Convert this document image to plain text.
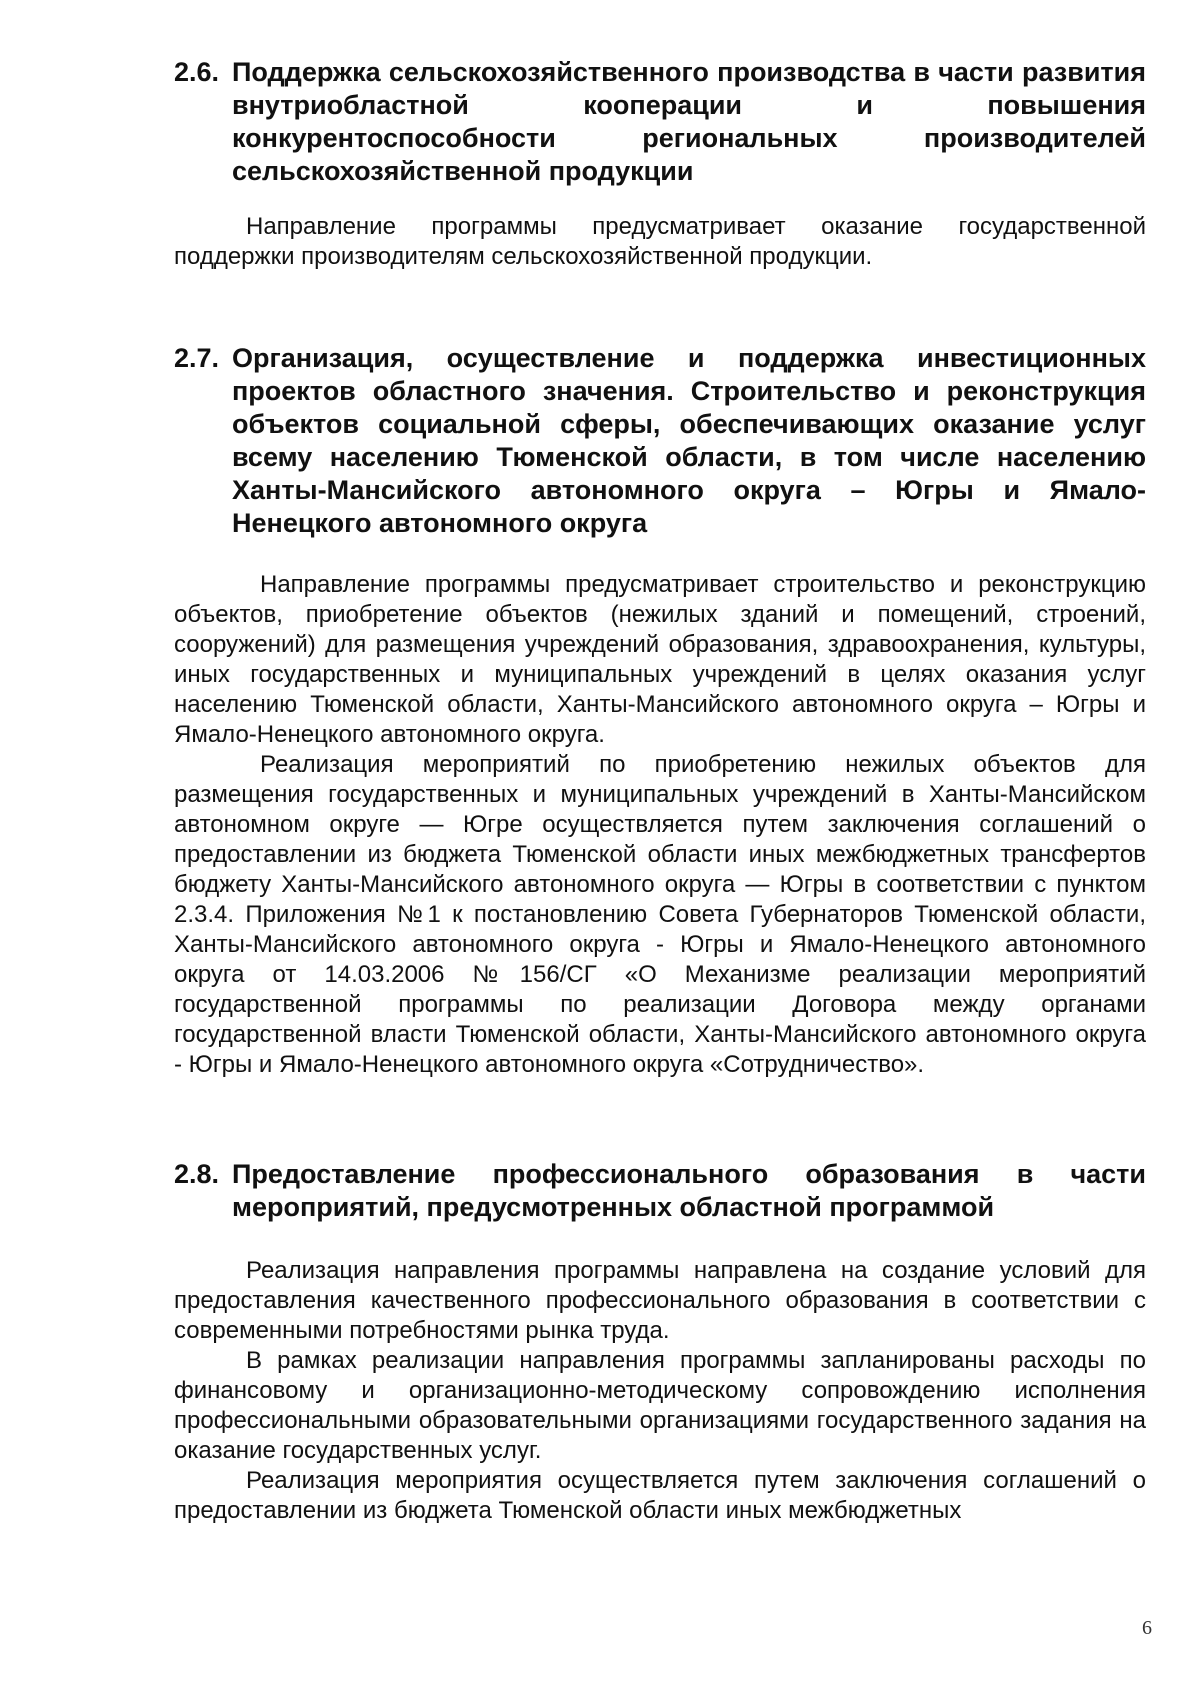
2.6. Поддержка сельскохозяйственного производства в части развития внутриобластной кооперации и повышения конкурентоспособности региональных производителей сельскохозяйственной продукции

Направление программы предусматривает оказание государственной поддержки производителям сельскохозяйственной продукции.

2.7. Организация, осуществление и поддержка инвестиционных проектов областного значения. Строительство и реконструкция объектов социальной сферы, обеспечивающих оказание услуг всему населению Тюменской области, в том числе населению Ханты-Мансийского автономного округа – Югры и Ямало-Ненецкого автономного округа

Направление программы предусматривает строительство и реконструкцию объектов, приобретение объектов (нежилых зданий и помещений, строений, сооружений) для размещения учреждений образования, здравоохранения, культуры, иных государственных и муниципальных учреждений в целях оказания услуг населению Тюменской области, Ханты-Мансийского автономного округа – Югры и Ямало-Ненецкого автономного округа.

Реализация мероприятий по приобретению нежилых объектов для размещения государственных и муниципальных учреждений в Ханты-Мансийском автономном округе — Югре осуществляется путем заключения соглашений о предоставлении из бюджета Тюменской области иных межбюджетных трансфертов бюджету Ханты-Мансийского автономного округа — Югры в соответствии с пунктом 2.3.4. Приложения №1 к постановлению Совета Губернаторов Тюменской области, Ханты-Мансийского автономного округа - Югры и Ямало-Ненецкого автономного округа от 14.03.2006 №156/СГ «О Механизме реализации мероприятий государственной программы по реализации Договора между органами государственной власти Тюменской области, Ханты-Мансийского автономного округа - Югры и Ямало-Ненецкого автономного округа «Сотрудничество».

2.8. Предоставление профессионального образования в части мероприятий, предусмотренных областной программой

Реализация направления программы направлена на создание условий для предоставления качественного профессионального образования в соответствии с современными потребностями рынка труда.

В рамках реализации направления программы запланированы расходы по финансовому и организационно-методическому сопровождению исполнения профессиональными образовательными организациями государственного задания на оказание государственных услуг.

Реализация мероприятия осуществляется путем заключения соглашений о предоставлении из бюджета Тюменской области иных межбюджетных

6
